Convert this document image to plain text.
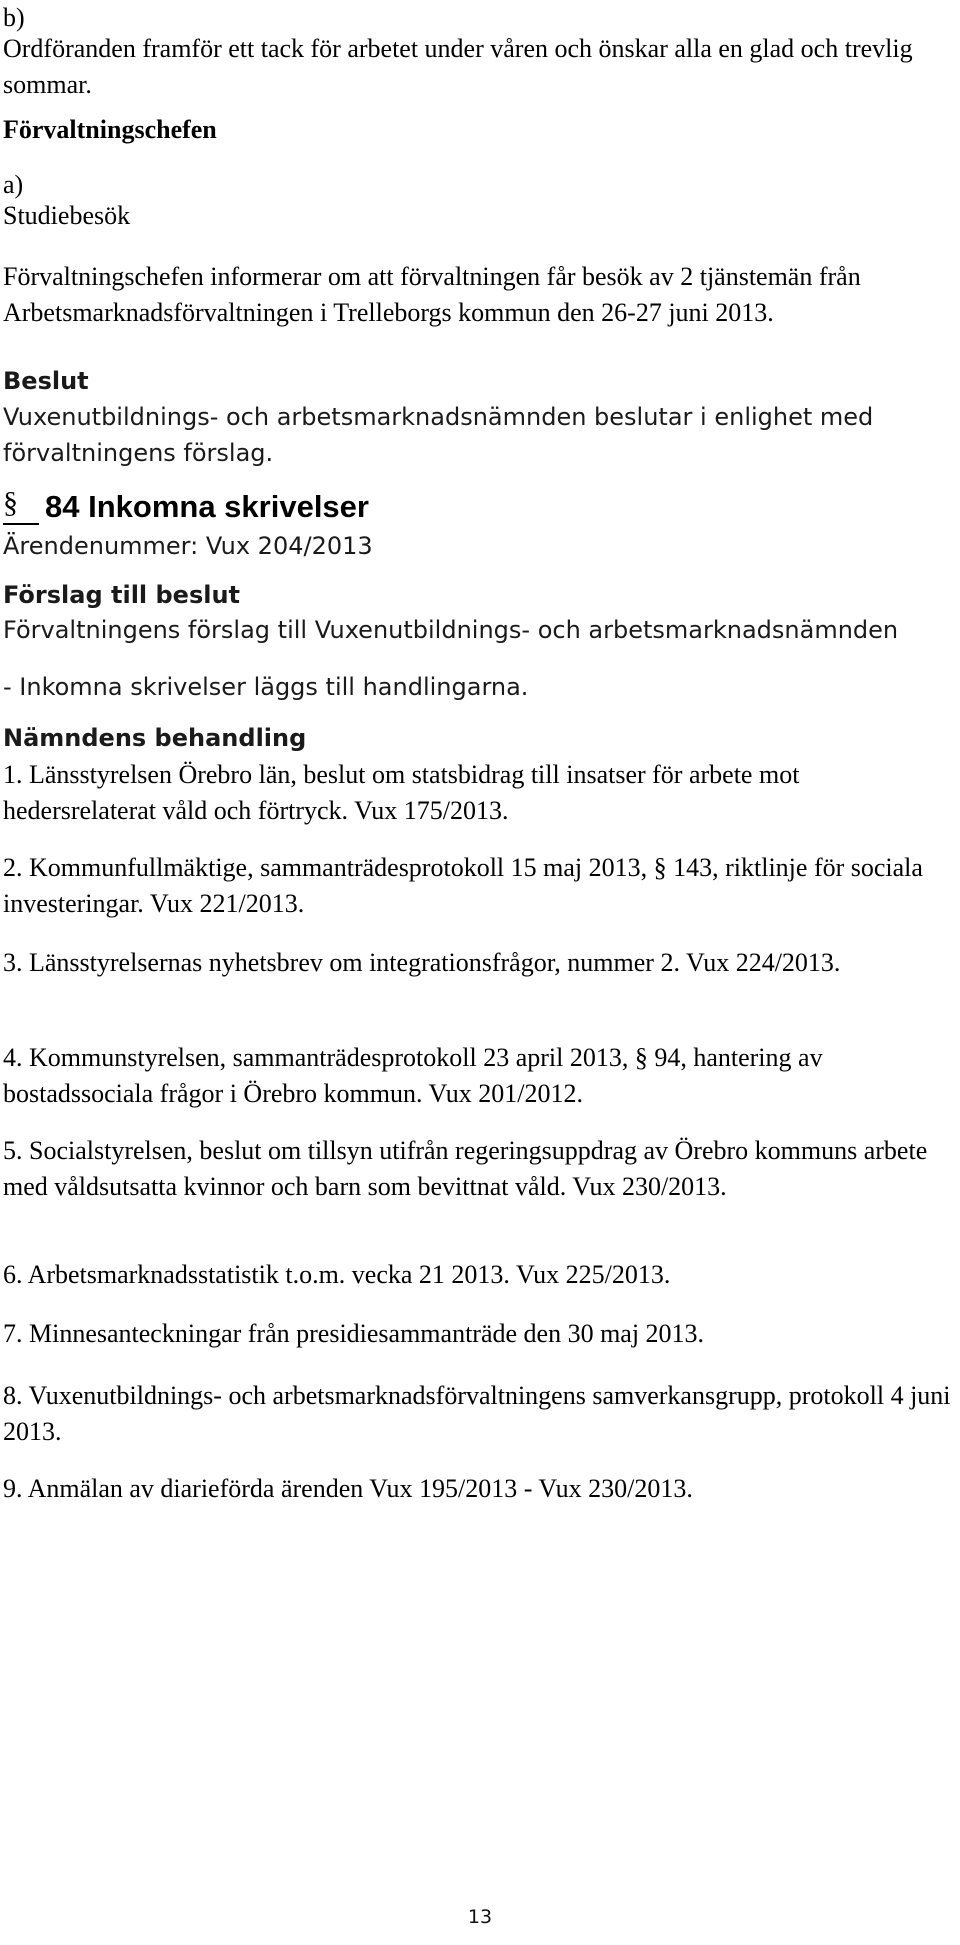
b)

Ordföranden framför ett tack för arbetet under våren och önskar alla en glad och trevlig sommar.

Förvaltningschefen

a)

Studiebesök

Förvaltningschefen informerar om att förvaltningen får besök av 2 tjänstemän från Arbetsmarknadsförvaltningen i Trelleborgs kommun den 26-27 juni 2013.

Beslut

Vuxenutbildnings- och arbetsmarknadsnämnden beslutar i enlighet med förvaltningens förslag.

§ 84 Inkomna skrivelser

Ärendenummer: Vux 204/2013

Förslag till beslut

Förvaltningens förslag till Vuxenutbildnings- och arbetsmarknadsnämnden

- Inkomna skrivelser läggs till handlingarna.

Nämndens behandling

1. Länsstyrelsen Örebro län, beslut om statsbidrag till insatser för arbete mot hedersrelaterat våld och förtryck. Vux 175/2013.

2. Kommunfullmäktige, sammanträdesprotokoll 15 maj 2013, § 143, riktlinje för sociala investeringar. Vux 221/2013.

3. Länsstyrelsernas nyhetsbrev om integrationsfrågor, nummer 2. Vux 224/2013.

4. Kommunstyrelsen, sammanträdesprotokoll 23 april 2013, § 94, hantering av bostadssociala frågor i Örebro kommun. Vux 201/2012.

5. Socialstyrelsen, beslut om tillsyn utifrån regeringsuppdrag av Örebro kommuns arbete med våldsutsatta kvinnor och barn som bevittnat våld. Vux 230/2013.

6. Arbetsmarknadsstatistik t.o.m. vecka 21 2013. Vux 225/2013.

7. Minnesanteckningar från presidiesammanträde den 30 maj 2013.

8. Vuxenutbildnings- och arbetsmarknadsförvaltningens samverkansgrupp, protokoll 4 juni 2013.

9. Anmälan av diarieförda ärenden Vux 195/2013 - Vux 230/2013.

13
